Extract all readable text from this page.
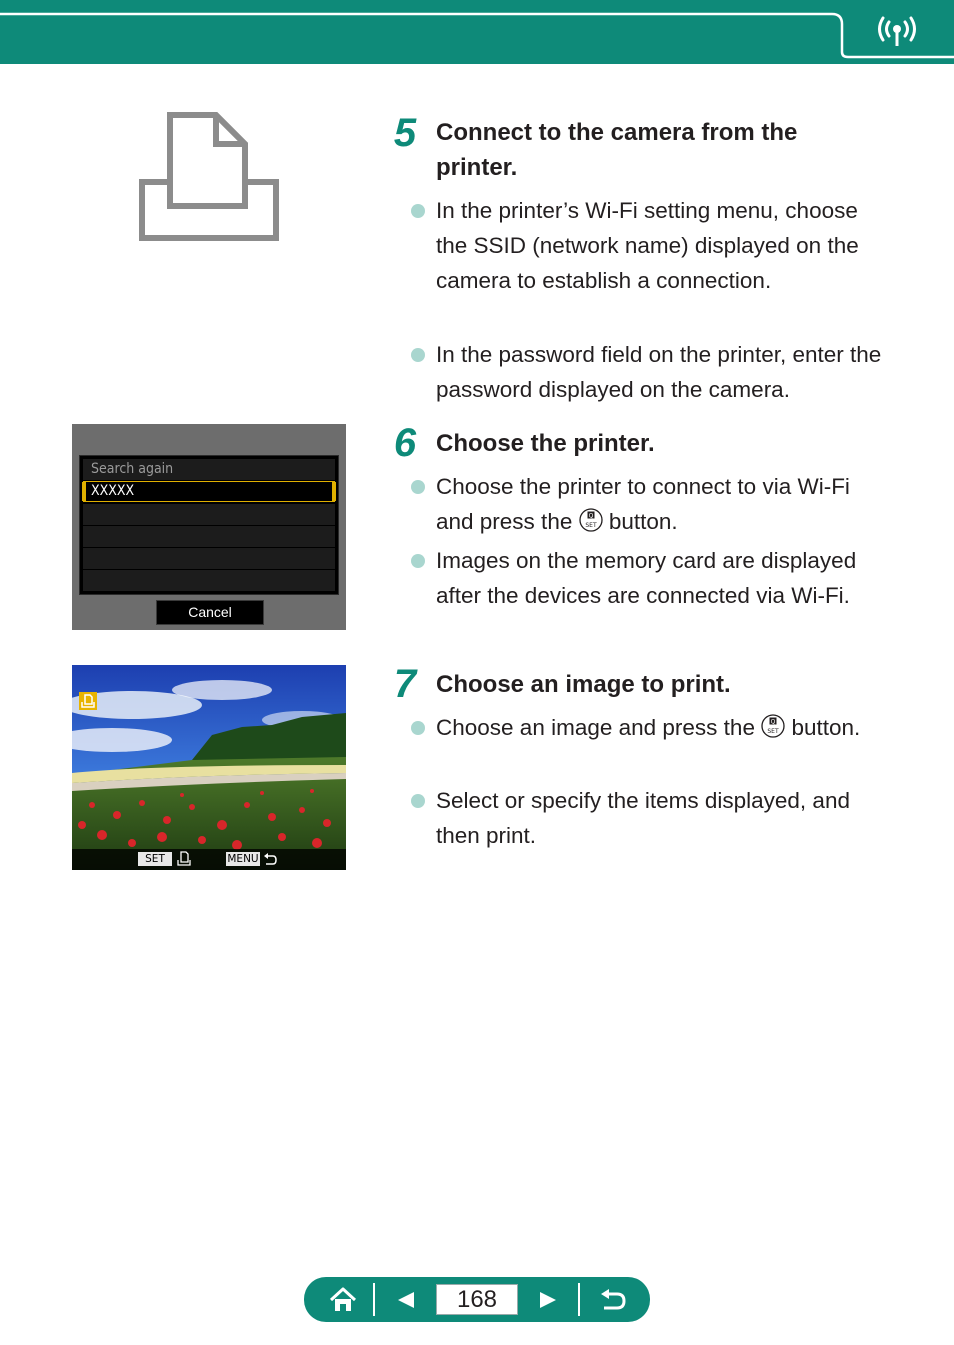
Search again
XXXXX
Cancel
SET	MENU
5 Connect to the camera from the printer.
In the printer’s Wi-Fi setting menu, choose the SSID (network name) displayed on the camera to establish a connection.
In the password field on the printer, enter the password displayed on the camera.
6 Choose the printer.
Choose the printer to connect to via Wi-Fi and press the	Q
SET button.
Images on the memory card are displayed after the devices are connected via Wi-Fi.
7 Choose an image to print.
Choose an image and press the	Q
SET button.
Select or specify the items displayed, and then print.
168
